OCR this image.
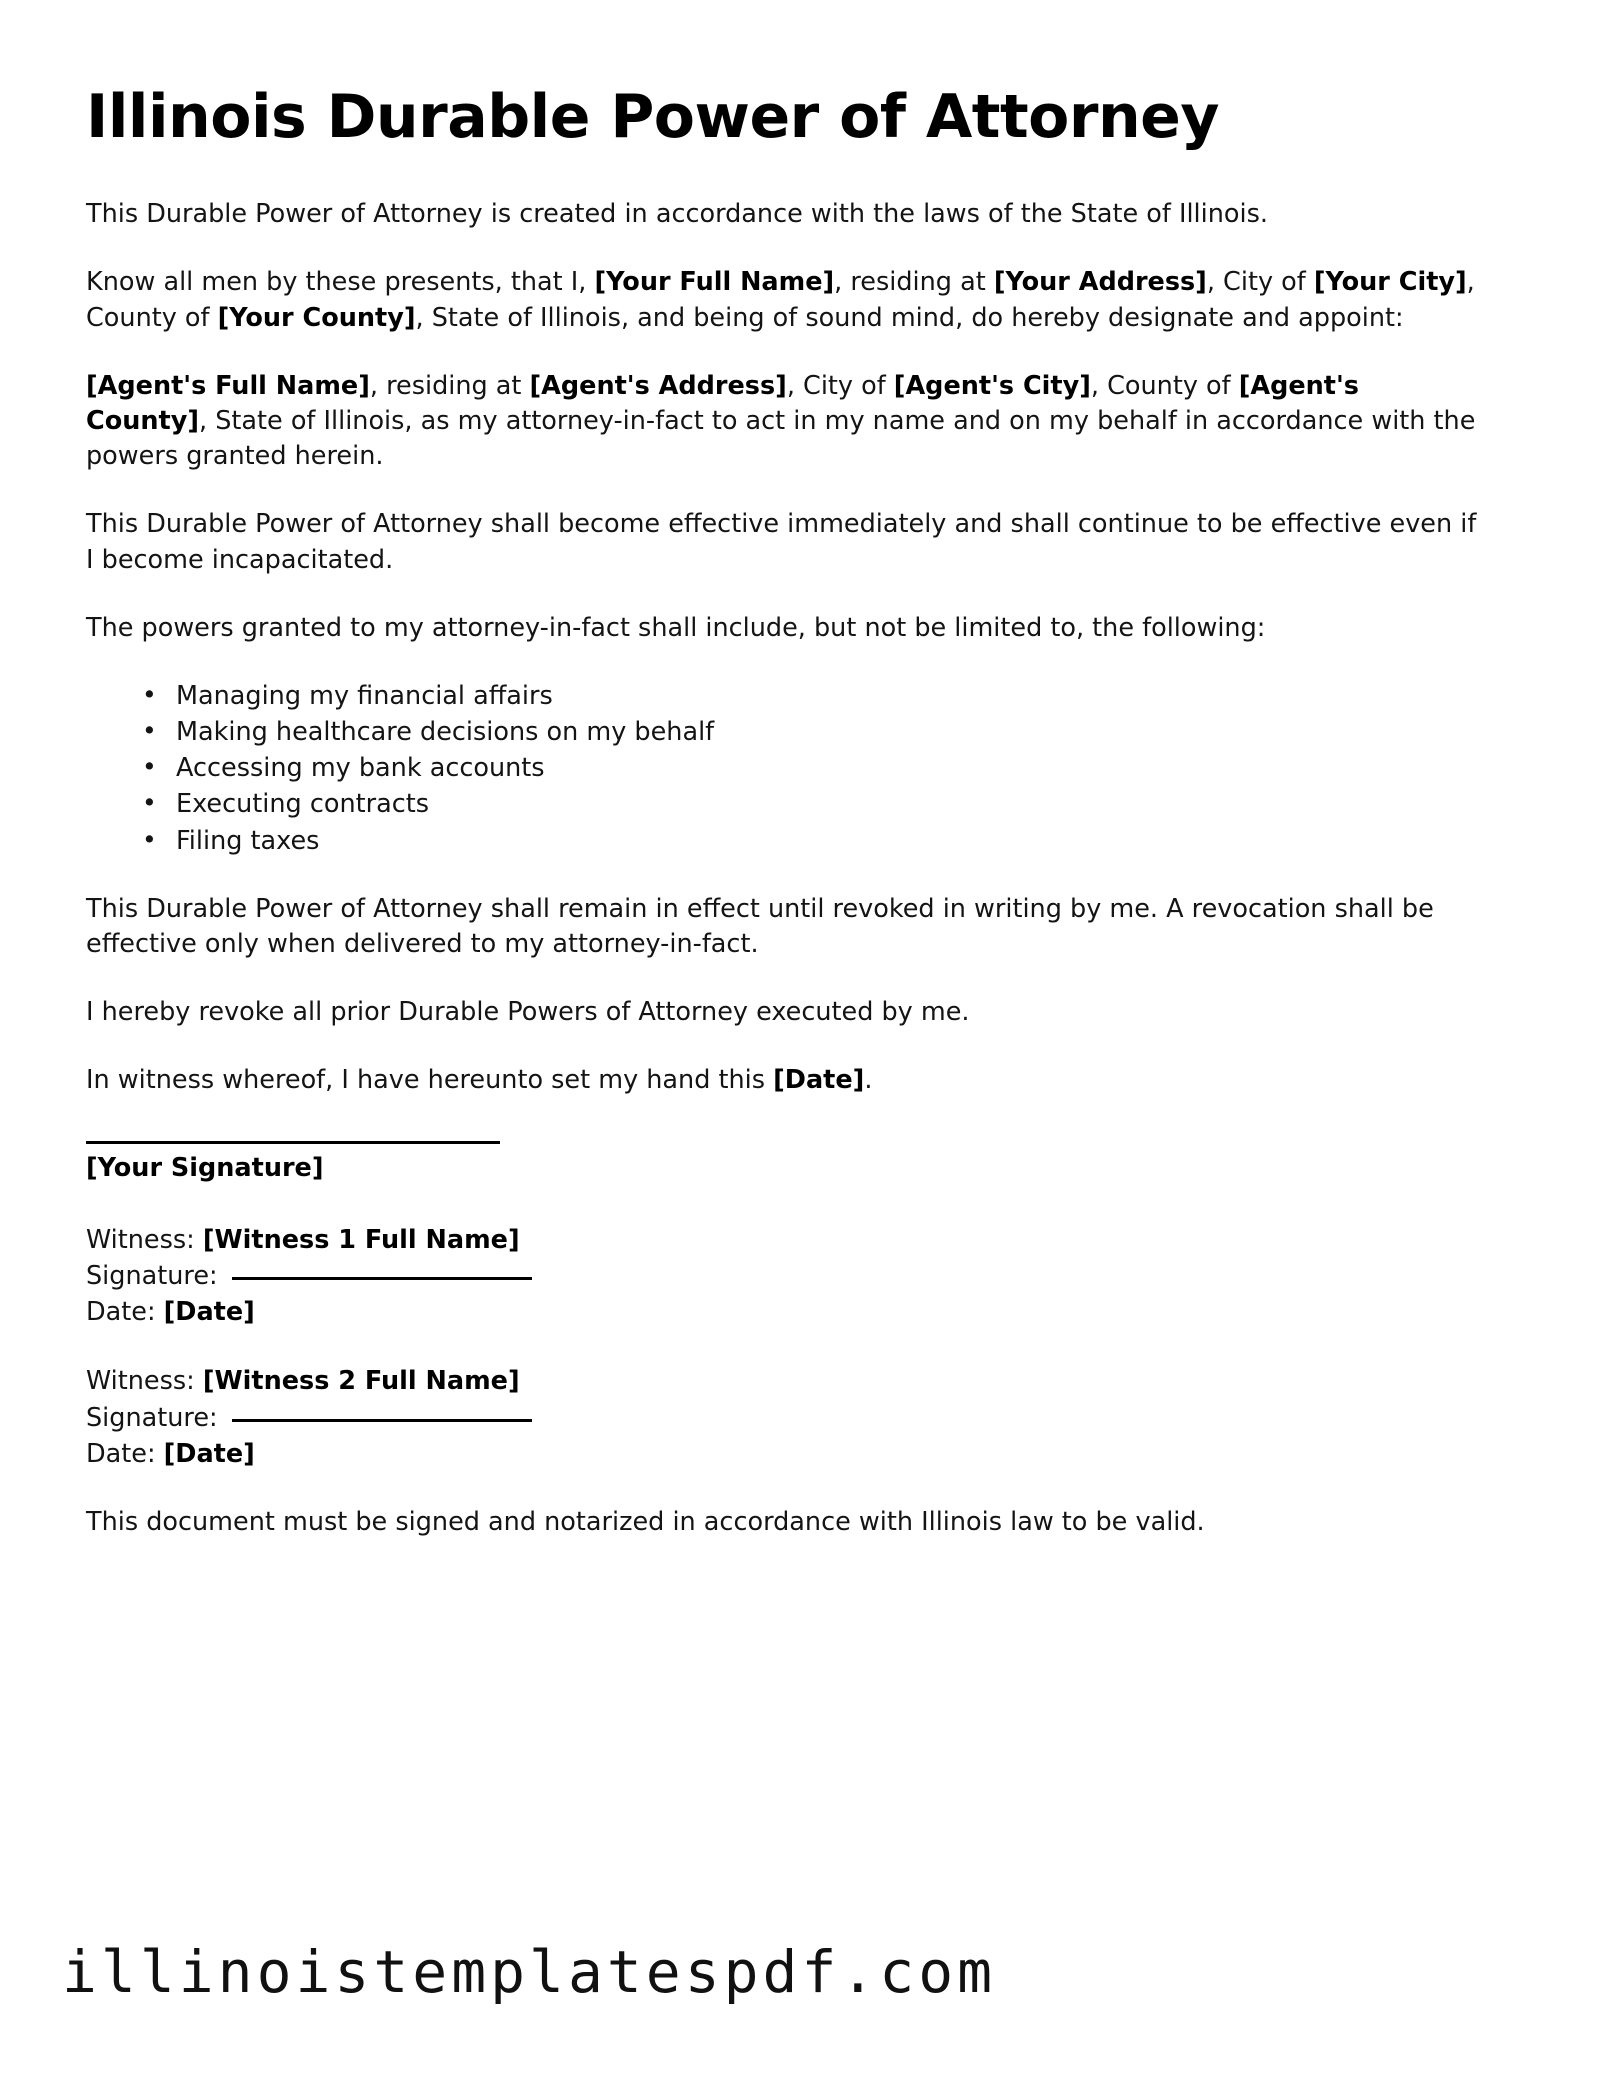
Illinois Durable Power of Attorney

This Durable Power of Attorney is created in accordance with the laws of the State of Illinois.

Know all men by these presents, that I, [Your Full Name], residing at [Your Address], City of [Your City], County of [Your County], State of Illinois, and being of sound mind, do hereby designate and appoint:

[Agent's Full Name], residing at [Agent's Address], City of [Agent's City], County of [Agent's County], State of Illinois, as my attorney-in-fact to act in my name and on my behalf in accordance with the powers granted herein.

This Durable Power of Attorney shall become effective immediately and shall continue to be effective even if I become incapacitated.

The powers granted to my attorney-in-fact shall include, but not be limited to, the following:

• Managing my financial affairs
• Making healthcare decisions on my behalf
• Accessing my bank accounts
• Executing contracts
• Filing taxes

This Durable Power of Attorney shall remain in effect until revoked in writing by me. A revocation shall be effective only when delivered to my attorney-in-fact.

I hereby revoke all prior Durable Powers of Attorney executed by me.

In witness whereof, I have hereunto set my hand this [Date].

[Your Signature]
Witness: [Witness 1 Full Name]
Signature:
Date: [Date]
Witness: [Witness 2 Full Name]
Signature:
Date: [Date]

This document must be signed and notarized in accordance with Illinois law to be valid.

illinoistemplatespdf.com
